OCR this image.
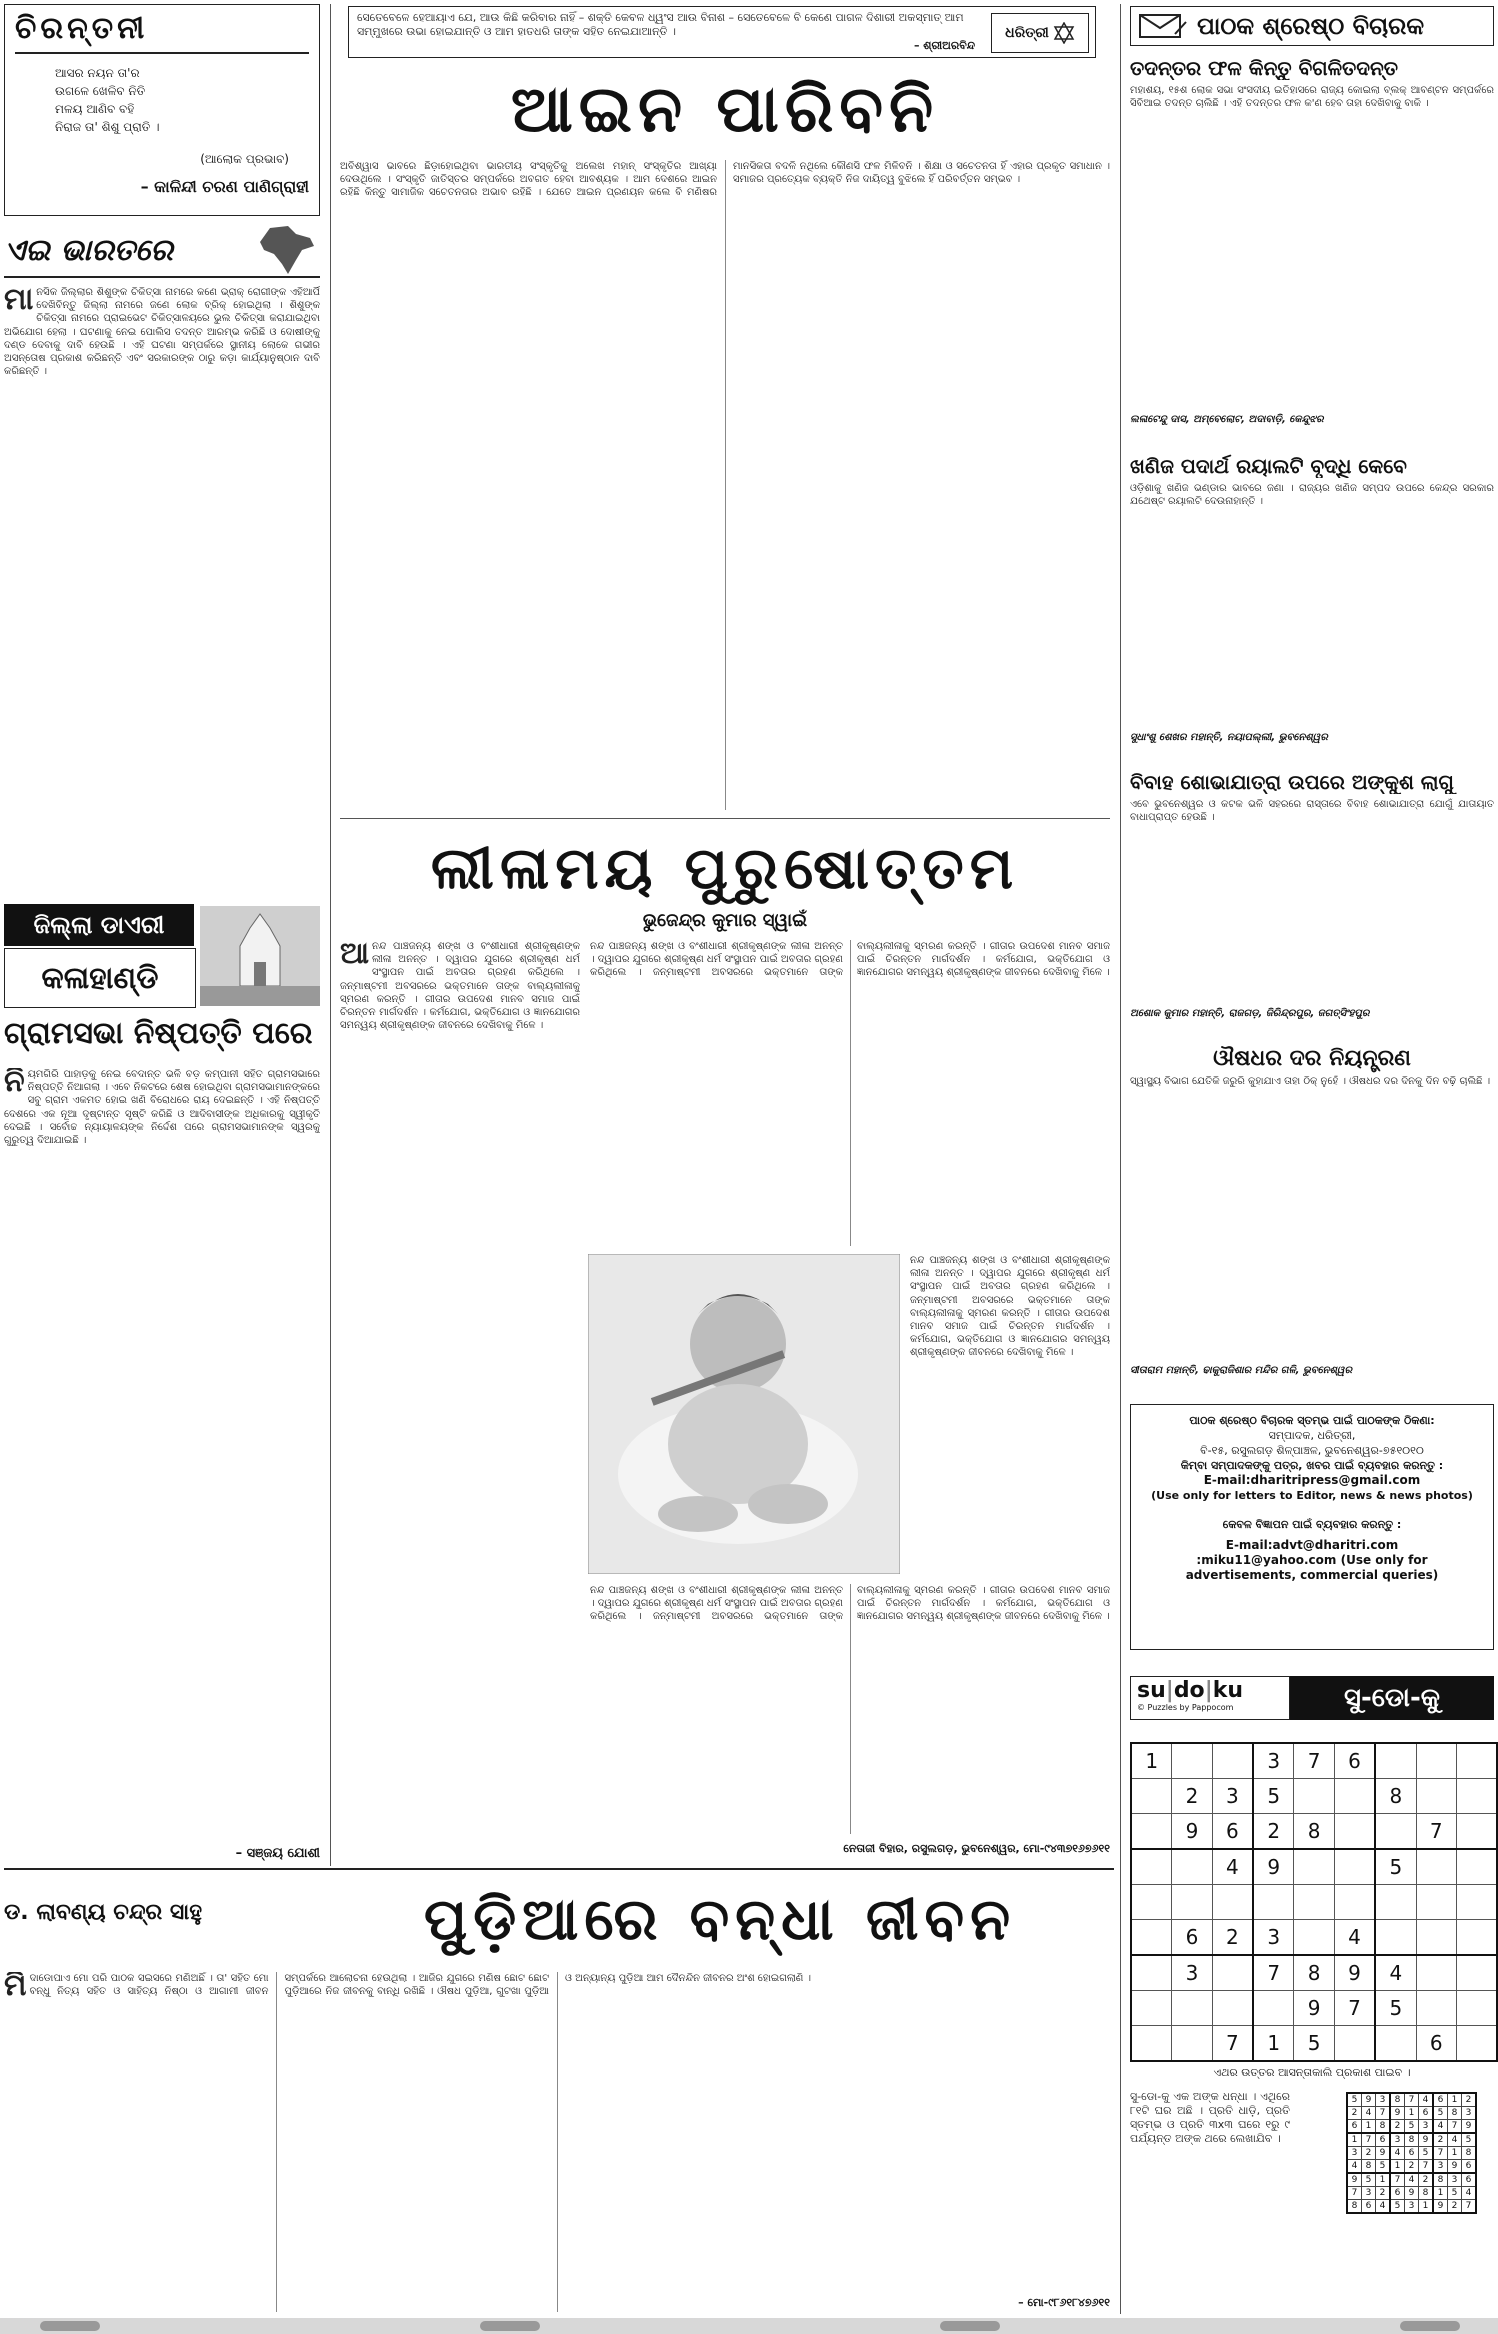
ସେତେବେଳେ ହେଆୟାଏ ଯେ, ଆଉ କିଛି କରିବାର ନାହିଁ – ଶକ୍ତି କେବଳ ଧ୍ୱଂସ ଆଉ ବିନାଶ – ସେତେବେଳେ ବି କେଣେ ପାଗଳ ଦିଶାରୀ ଅକସ୍ମାତ୍ ଆମ ସମ୍ମୁଖରେ ଉଭା ହୋଇଯାନ୍ତି ଓ ଆମ ହାତଧରି ତାଙ୍କ ସହିତ ନେଇଯାଆନ୍ତି ।
– ଶ୍ରୀଅରବିନ୍ଦ
ଧରିତ୍ରୀ
ଚିରନ୍ତନୀ
ଆସର ନୟନ ତା'ର
ଉଗଳେ ଖେଳିବ ନିତି
ମଳୟ ଆଣିବ ବହି
ନିରାଜ ତା' ଶିଶୁ ପ୍ରାତି ।
(ଆଲୋକ ପ୍ରଭାବ)
– କାଳିନ୍ଦୀ ଚରଣ ପାଣିଗ୍ରାହୀ
ଏଇ ଭାରତରେ
ମା ନସିକ ଜିଲ୍ଲାର ଶିଶୁଙ୍କ ଚିକିତ୍ସା ନାମରେ କଣେ ଭ୍ରାକ୍ ରୋଗୀଙ୍କ ଏହିଆର୍ପି ଦେଖିବିନ୍ତୁ ଜିଲ୍ଲା ନାମରେ ଜଣେ ଲୋକ ବ୍ରିକ୍ ହୋଇଥିଲା । ଶିଶୁଙ୍କ ଚିକିତ୍ସା ନାମରେ ପ୍ରାଇଭେଟ ଚିକିତ୍ସାଳୟରେ ଭୁଲ ଚିକିତ୍ସା କରାଯାଇଥିବା ଅଭିଯୋଗ ହେଲା । ଘଟଣାକୁ ନେଇ ପୋଲିସ ତଦନ୍ତ ଆରମ୍ଭ କରିଛି ଓ ଦୋଷୀଙ୍କୁ ଦଣ୍ଡ ଦେବାକୁ ଦାବି ହେଉଛି । ଏହି ଘଟଣା ସମ୍ପର୍କରେ ସ୍ଥାନୀୟ ଲୋକେ ଗଭୀର ଅସନ୍ତୋଷ ପ୍ରକାଶ କରିଛନ୍ତି ଏବଂ ସରକାରଙ୍କ ଠାରୁ କଡ଼ା କାର୍ଯ୍ୟାନୁଷ୍ଠାନ ଦାବି କରିଛନ୍ତି ।
ଜିଲ୍ଲା ଡାଏରୀ
କଳାହାଣ୍ଡି
ଗ୍ରାମସଭା ନିଷ୍ପତ୍ତି ପରେ
ନି ୟମଗିରି ପାହାଡ଼କୁ ନେଇ ବେଦାନ୍ତ ଭଳି ବଡ଼ କମ୍ପାନୀ ସହିତ ଗ୍ରାମସଭାରେ ନିଷ୍ପତ୍ତି ନିଆଗଲା । ଏବେ ନିକଟରେ ଶେଷ ହୋଇଥିବା ଗ୍ରାମସଭାମାନଙ୍କରେ ସବୁ ଗ୍ରାମ ଏକମତ ହୋଇ ଖଣି ବିରୋଧରେ ରାୟ ଦେଇଛନ୍ତି । ଏହି ନିଷ୍ପତ୍ତି ଦେଶରେ ଏକ ନୂଆ ଦୃଷ୍ଟାନ୍ତ ସୃଷ୍ଟି କରିଛି ଓ ଆଦିବାସୀଙ୍କ ଅଧିକାରକୁ ସ୍ୱୀକୃତି ଦେଇଛି । ସର୍ବୋଚ୍ଚ ନ୍ୟାୟାଳୟଙ୍କ ନିର୍ଦ୍ଦେଶ ପରେ ଗ୍ରାମସଭାମାନଙ୍କ ସ୍ୱରକୁ ଗୁରୁତ୍ୱ ଦିଆଯାଇଛି ।
– ସଞ୍ଜୟ ଯୋଶୀ
ଆଇନ ପାରିବନି
ଅବିଶ୍ୱାସ ଭାବରେ ଛିଡ଼ାହୋଇଥିବା ଭାରତୀୟ ସଂସ୍କୃତିକୁ ଅଲେଖ ମହାନ୍ ସଂସ୍କୃତିର ଆଖ୍ୟା ଦେଉଥିଲେ । ସଂସ୍କୃତି ଜାତିସ୍ତର ସମ୍ପର୍କରେ ଅବଗତ ହେବା ଆବଶ୍ୟକ । ଆମ ଦେଶରେ ଆଇନ ରହିଛି କିନ୍ତୁ ସାମାଜିକ ସଚେତନତାର ଅଭାବ ରହିଛି । ଯେତେ ଆଇନ ପ୍ରଣୟନ କଲେ ବି ମଣିଷର ମାନସିକତା ବଦଳି ନଥିଲେ କୌଣସି ଫଳ ମିଳିବନି । ଶିକ୍ଷା ଓ ସଚେତନତା ହିଁ ଏହାର ପ୍ରକୃତ ସମାଧାନ । ସମାଜର ପ୍ରତ୍ୟେକ ବ୍ୟକ୍ତି ନିଜ ଦାୟିତ୍ୱ ବୁଝିଲେ ହିଁ ପରିବର୍ତ୍ତନ ସମ୍ଭବ ।
ଲୀଳାମୟ ପୁରୁଷୋତ୍ତମ
ଭୁଜେନ୍ଦ୍ର କୁମାର ସ୍ୱାଇଁ
ଆ ନନ୍ଦ ପାଞ୍ଚଜନ୍ୟ ଶଙ୍ଖ ଓ ବଂଶୀଧାରୀ ଶ୍ରୀକୃଷ୍ଣଙ୍କ ଲୀଳା ଅନନ୍ତ । ଦ୍ୱାପର ଯୁଗରେ ଶ୍ରୀକୃଷ୍ଣ ଧର୍ମ ସଂସ୍ଥାପନ ପାଇଁ ଅବତାର ଗ୍ରହଣ କରିଥିଲେ । ଜନ୍ମାଷ୍ଟମୀ ଅବସରରେ ଭକ୍ତମାନେ ତାଙ୍କ ବାଲ୍ୟଲୀଳାକୁ ସ୍ମରଣ କରନ୍ତି । ଗୀତାର ଉପଦେଶ ମାନବ ସମାଜ ପାଇଁ ଚିରନ୍ତନ ମାର୍ଗଦର୍ଶନ । କର୍ମଯୋଗ, ଭକ୍ତିଯୋଗ ଓ ଜ୍ଞାନଯୋଗର ସମନ୍ୱୟ ଶ୍ରୀକୃଷ୍ଣଙ୍କ ଜୀବନରେ ଦେଖିବାକୁ ମିଳେ ।
ନନ୍ଦ ପାଞ୍ଚଜନ୍ୟ ଶଙ୍ଖ ଓ ବଂଶୀଧାରୀ ଶ୍ରୀକୃଷ୍ଣଙ୍କ ଲୀଳା ଅନନ୍ତ । ଦ୍ୱାପର ଯୁଗରେ ଶ୍ରୀକୃଷ୍ଣ ଧର୍ମ ସଂସ୍ଥାପନ ପାଇଁ ଅବତାର ଗ୍ରହଣ କରିଥିଲେ । ଜନ୍ମାଷ୍ଟମୀ ଅବସରରେ ଭକ୍ତମାନେ ତାଙ୍କ ବାଲ୍ୟଲୀଳାକୁ ସ୍ମରଣ କରନ୍ତି । ଗୀତାର ଉପଦେଶ ମାନବ ସମାଜ ପାଇଁ ଚିରନ୍ତନ ମାର୍ଗଦର୍ଶନ । କର୍ମଯୋଗ, ଭକ୍ତିଯୋଗ ଓ ଜ୍ଞାନଯୋଗର ସମନ୍ୱୟ ଶ୍ରୀକୃଷ୍ଣଙ୍କ ଜୀବନରେ ଦେଖିବାକୁ ମିଳେ ।
ନନ୍ଦ ପାଞ୍ଚଜନ୍ୟ ଶଙ୍ଖ ଓ ବଂଶୀଧାରୀ ଶ୍ରୀକୃଷ୍ଣଙ୍କ ଲୀଳା ଅନନ୍ତ । ଦ୍ୱାପର ଯୁଗରେ ଶ୍ରୀକୃଷ୍ଣ ଧର୍ମ ସଂସ୍ଥାପନ ପାଇଁ ଅବତାର ଗ୍ରହଣ କରିଥିଲେ । ଜନ୍ମାଷ୍ଟମୀ ଅବସରରେ ଭକ୍ତମାନେ ତାଙ୍କ ବାଲ୍ୟଲୀଳାକୁ ସ୍ମରଣ କରନ୍ତି । ଗୀତାର ଉପଦେଶ ମାନବ ସମାଜ ପାଇଁ ଚିରନ୍ତନ ମାର୍ଗଦର୍ଶନ । କର୍ମଯୋଗ, ଭକ୍ତିଯୋଗ ଓ ଜ୍ଞାନଯୋଗର ସମନ୍ୱୟ ଶ୍ରୀକୃଷ୍ଣଙ୍କ ଜୀବନରେ ଦେଖିବାକୁ ମିଳେ ।
ନନ୍ଦ ପାଞ୍ଚଜନ୍ୟ ଶଙ୍ଖ ଓ ବଂଶୀଧାରୀ ଶ୍ରୀକୃଷ୍ଣଙ୍କ ଲୀଳା ଅନନ୍ତ । ଦ୍ୱାପର ଯୁଗରେ ଶ୍ରୀକୃଷ୍ଣ ଧର୍ମ ସଂସ୍ଥାପନ ପାଇଁ ଅବତାର ଗ୍ରହଣ କରିଥିଲେ । ଜନ୍ମାଷ୍ଟମୀ ଅବସରରେ ଭକ୍ତମାନେ ତାଙ୍କ ବାଲ୍ୟଲୀଳାକୁ ସ୍ମରଣ କରନ୍ତି । ଗୀତାର ଉପଦେଶ ମାନବ ସମାଜ ପାଇଁ ଚିରନ୍ତନ ମାର୍ଗଦର୍ଶନ । କର୍ମଯୋଗ, ଭକ୍ତିଯୋଗ ଓ ଜ୍ଞାନଯୋଗର ସମନ୍ୱୟ ଶ୍ରୀକୃଷ୍ଣଙ୍କ ଜୀବନରେ ଦେଖିବାକୁ ମିଳେ ।
ନେତାଜୀ ବିହାର, ରସୁଲଗଡ଼, ଭୁବନେଶ୍ୱର, ମୋ-୯୪୩୭୧୬୭୬୧୧
ଡ. ଲାବଣ୍ୟ ଚନ୍ଦ୍ର ସାହୁ	ପୁଡ଼ିଆରେ ବନ୍ଧା ଜୀବନ
ମି ଦାଡୋପାଏ ମୋ ପରି ପାଠକ ସଇସରେ ମଣିଅଛିଁ । ତା' ସହିତ ମୋ ବନ୍ଧୁ ନିତ୍ୟ ସହିତ ଓ ସାହିତ୍ୟ ନିଷ୍ଠା ଓ ଆଗାମୀ ଜୀବନ ସମ୍ପର୍କରେ ଆଲୋଚନା ହେଉଥିଲା । ଆଜିର ଯୁଗରେ ମଣିଷ ଛୋଟ ଛୋଟ ପୁଡ଼ିଆରେ ନିଜ ଜୀବନକୁ ବାନ୍ଧି ରଖିଛି । ଔଷଧ ପୁଡ଼ିଆ, ଗୁଟଖା ପୁଡ଼ିଆ ଓ ଅନ୍ୟାନ୍ୟ ପୁଡ଼ିଆ ଆମ ଦୈନନ୍ଦିନ ଜୀବନର ଅଂଶ ହୋଇଗଲାଣି ।
– ମୋ-୯୮୬୧୮୪୭୬୧୧
ପାଠକ ଶ୍ରେଷ୍ଠ ବିଚାରକ
ତଦନ୍ତର ଫଳ କିନ୍ତୁ ବିଗଳିତଦନ୍ତ
ମହାଶୟ, ୧୫ଶ ଲୋକ ସଭା ସଂସଦୀୟ ଇତିହାସରେ ରାଜ୍ୟ କୋଇଲା ବ୍ଲକ୍ ଆବଣ୍ଟନ ସମ୍ପର୍କରେ ସିବିଆଇ ତଦନ୍ତ ଚାଲିଛି । ଏହି ତଦନ୍ତର ଫଳ କ'ଣ ହେବ ତାହା ଦେଖିବାକୁ ବାକି ।
ଲଳାଟେନ୍ଦୁ ଦାସ, ଅମ୍ବେଲୋଟ, ଅଦାବାଡ଼ି, କେନ୍ଦୁଝର
ଖଣିଜ ପଦାର୍ଥ ରୟାଲଟି ବୃଦ୍ଧି କେବେ
ଓଡ଼ିଶାକୁ ଖଣିଜ ଭଣ୍ଡାର ଭାବରେ ଜଣା । ରାଜ୍ୟର ଖଣିଜ ସମ୍ପଦ ଉପରେ କେନ୍ଦ୍ର ସରକାର ଯଥେଷ୍ଟ ରୟାଲଟି ଦେଉନାହାନ୍ତି ।
ସୁଧାଂଶୁ ଶେଖର ମହାନ୍ତି, ନୟାପଲ୍ଲୀ, ଭୁବନେଶ୍ୱର
ବିବାହ ଶୋଭାଯାତ୍ରା ଉପରେ ଅଙ୍କୁଶ ଲାଗୁ
ଏବେ ଭୁବନେଶ୍ୱର ଓ କଟକ ଭଳି ସହରରେ ରାସ୍ତାରେ ବିବାହ ଶୋଭାଯାତ୍ରା ଯୋଗୁଁ ଯାତାୟାତ ବାଧାପ୍ରାପ୍ତ ହେଉଛି ।
ଅଶୋକ କୁମାର ମହାନ୍ତି, ରାଜଗଡ଼, ଜିରିନ୍ଦ୍ରପୁର, ଜଗତ୍‌ସିଂହପୁର
ଔଷଧର ଦର ନିୟନ୍ତ୍ରଣ
ସ୍ୱାସ୍ଥ୍ୟ ବିଭାଗ ଯେତିକି ଜରୁରି କୁହାଯାଏ ତାହା ଠିକ୍ ନୁହେଁ । ଔଷଧର ଦର ଦିନକୁ ଦିନ ବଢ଼ି ଚାଲିଛି ।
ସୀତାରାମ ମହାନ୍ତି, ଢାକୁରାଜିଶାର ମନ୍ଦିର ଗଳି, ଭୁବନେଶ୍ୱର
ପାଠକ ଶ୍ରେଷ୍ଠ ବିଚାରକ ସ୍ତମ୍ଭ ପାଇଁ ପାଠକଙ୍କ ଠିକଣା:
ସମ୍ପାଦକ, ଧରିତ୍ରୀ,
ବି-୧୫, ରସୁଲଗଡ଼ ଶିଳ୍ପାଞ୍ଚଳ, ଭୁବନେଶ୍ୱର-୭୫୧୦୧୦
କିମ୍ବା ସମ୍ପାଦକଙ୍କୁ ପତ୍ର, ଖବର ପାଇଁ ବ୍ୟବହାର କରନ୍ତୁ :
E-mail:dharitripress@gmail.com
(Use only for letters to Editor, news & news photos)
କେବଳ ବିଜ୍ଞାପନ ପାଇଁ ବ୍ୟବହାର କରନ୍ତୁ :
E-mail:advt@dharitri.com
:miku11@yahoo.com (Use only for
advertisements, commercial queries)
su|do|ku
© Puzzles by Pappocom	ସୁ-ଡୋ-କୁ
1			3	7	6			
	2	3	5			8		
	9	6	2	8			7	
		4	9			5		

	6	2	3		4			
	3		7	8	9	4		
				9	7	5		
		7	1	5			6	
ଏଥର ଉତ୍ତର ଆସନ୍ତାକାଲି ପ୍ରକାଶ ପାଇବ ।
ସୁ-ଡୋ-କୁ ଏକ ଅଙ୍କ ଧନ୍ଧା । ଏଥିରେ ୮୧ଟି ଘର ଅଛି । ପ୍ରତି ଧାଡ଼ି, ପ୍ରତି ସ୍ତମ୍ଭ ଓ ପ୍ରତି ୩x୩ ଘରେ ୧ରୁ ୯ ପର୍ଯ୍ୟନ୍ତ ଅଙ୍କ ଥରେ ଲେଖାଯିବ ।
5	9	3	8	7	4	6	1	2
2	4	7	9	1	6	5	8	3
6	1	8	2	5	3	4	7	9
1	7	6	3	8	9	2	4	5
3	2	9	4	6	5	7	1	8
4	8	5	1	2	7	3	9	6
9	5	1	7	4	2	8	3	6
7	3	2	6	9	8	1	5	4
8	6	4	5	3	1	9	2	7
